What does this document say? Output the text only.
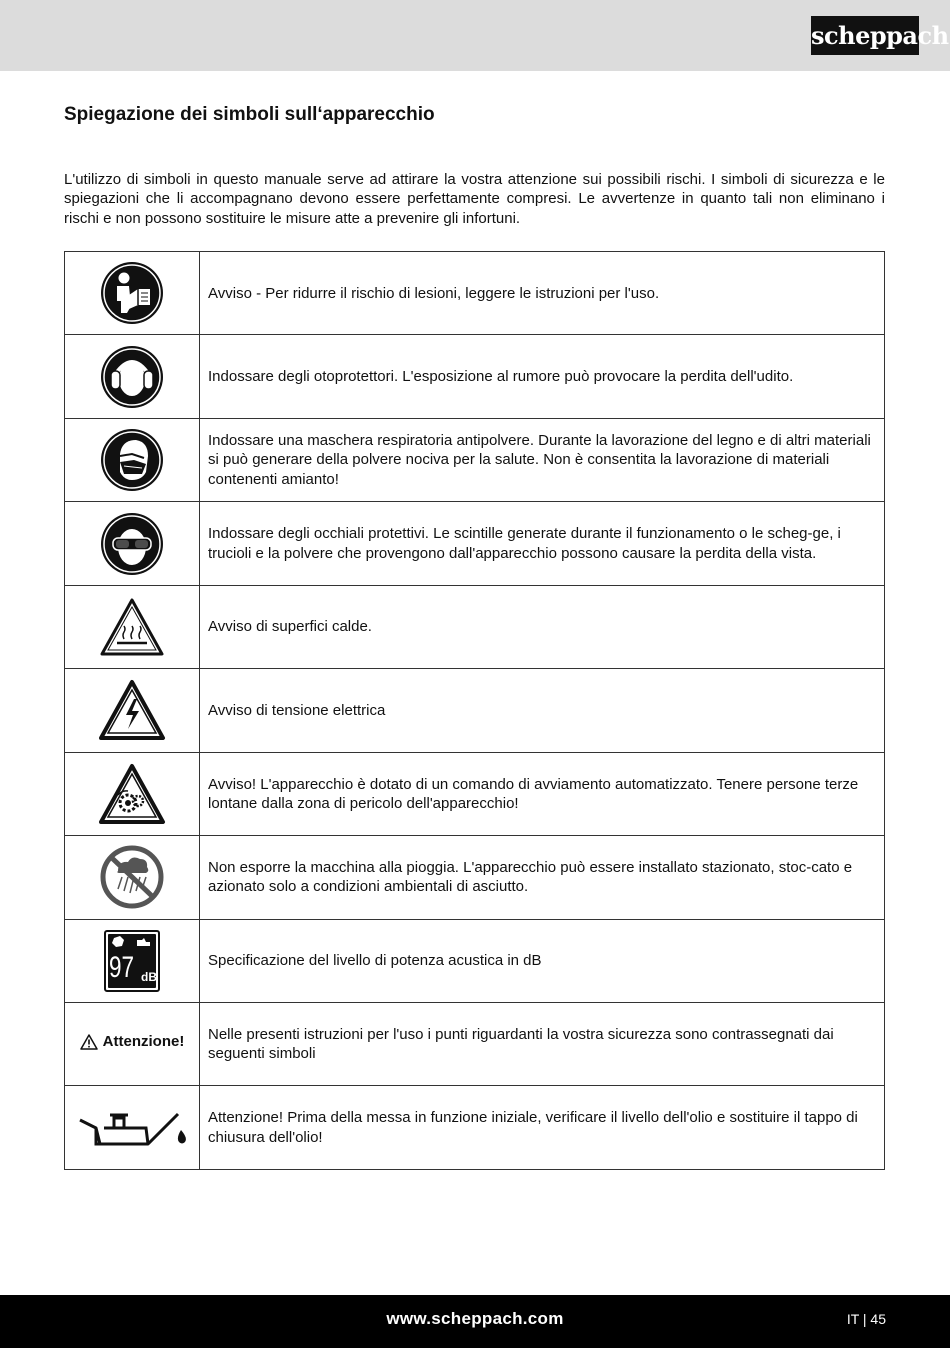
scheppach
Spiegazione dei simboli sull‘apparecchio

L'utilizzo di simboli in questo manuale serve ad attirare la vostra attenzione sui possibili rischi. I simboli di sicurezza e le spiegazioni che li accompagnano devono essere perfettamente compresi. Le avvertenze in quanto tali non eliminano i rischi e non possono sostituire le misure atte a prevenire gli infortuni.

	Avviso - Per ridurre il rischio di lesioni, leggere le istruzioni per l'uso.

	Indossare degli otoprotettori. L'esposizione al rumore può provocare la perdita dell'udito.

	Indossare una maschera respiratoria antipolvere. Durante la lavorazione del legno e di altri materiali si può generare della polvere nociva per la salute. Non è consentita la lavorazione di materiali contenenti amianto!

	Indossare degli occhiali protettivi. Le scintille generate durante il funzionamento o le scheg-ge, i trucioli e la polvere che provengono dall'apparecchio possono causare la perdita della vista.

	Avviso di superfici calde.

	Avviso di tensione elettrica

	Avviso! L'apparecchio è dotato di un comando di avviamento automatizzato. Tenere persone terze lontane dalla zona di pericolo dell'apparecchio!

	Non esporre la macchina alla pioggia. L'apparecchio può essere installato stazionato, stoc-cato e azionato solo a condizioni ambientali di asciutto.

97 dB	Specificazione del livello di potenza acustica in dB

Attenzione!	Nelle presenti istruzioni per l'uso i punti riguardanti la vostra sicurezza sono contrassegnati dai seguenti simboli

	Attenzione! Prima della messa in funzione iniziale, verificare il livello dell'olio e sostituire il tappo di chiusura dell'olio!
www.scheppach.com	IT | 45
